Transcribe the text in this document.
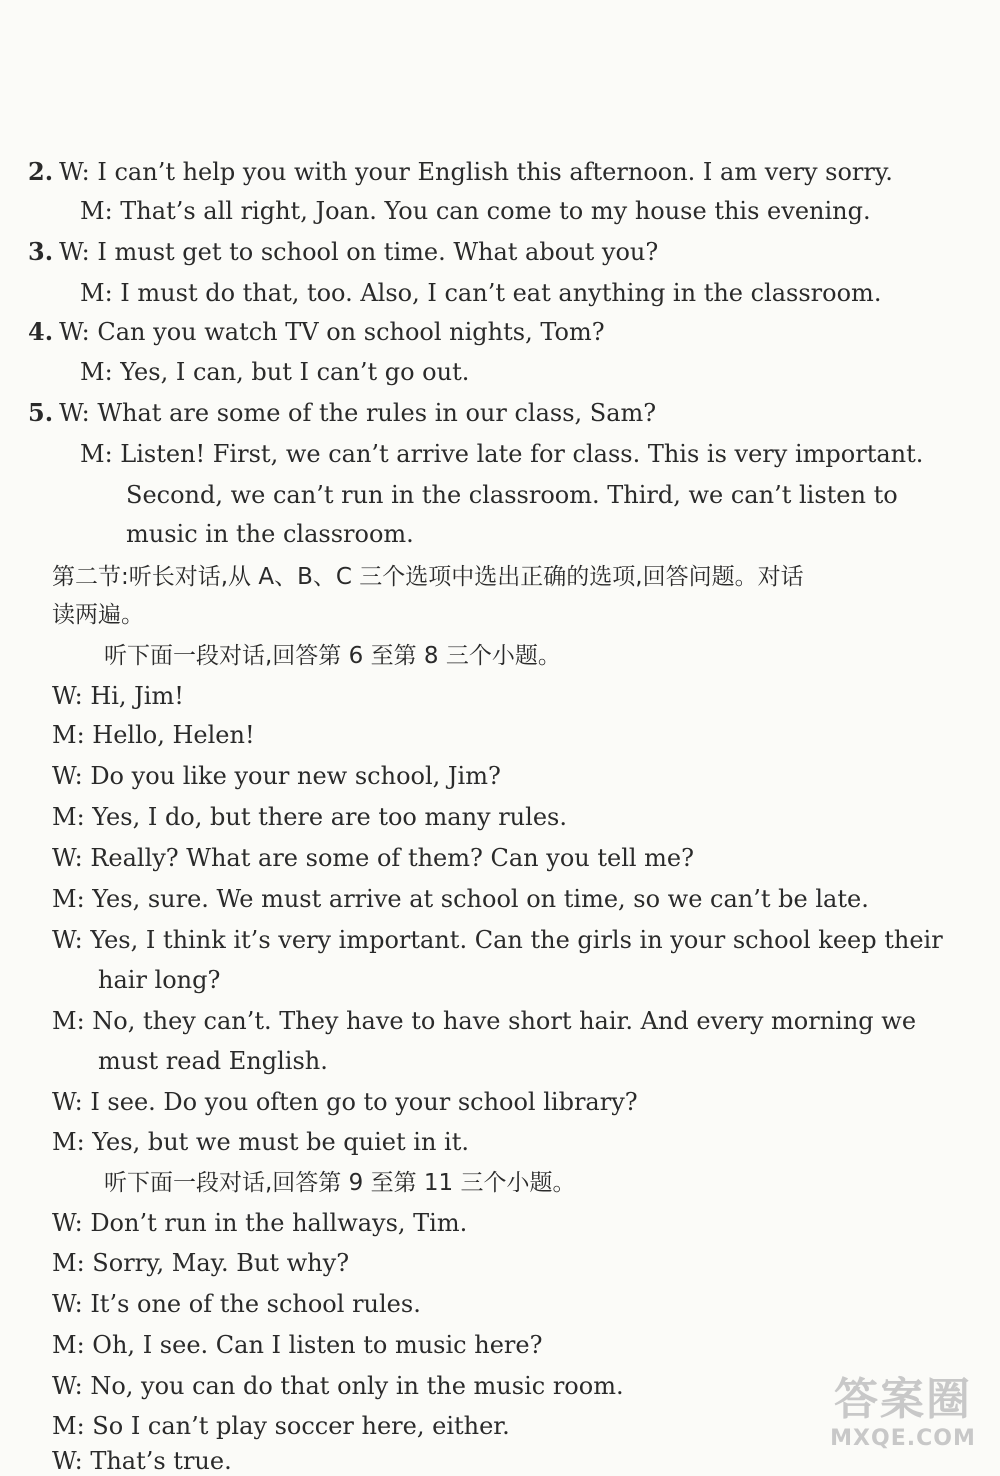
2. W: I can’t help you with your English this afternoon. I am very sorry.
M: That’s all right, Joan. You can come to my house this evening.
3. W: I must get to school on time. What about you?
M: I must do that, too. Also, I can’t eat anything in the classroom.
4. W: Can you watch TV on school nights, Tom?
M: Yes, I can, but I can’t go out.
5. W: What are some of the rules in our class, Sam?
M: Listen! First, we can’t arrive late for class. This is very important.
Second, we can’t run in the classroom. Third, we can’t listen to
music in the classroom.
第二节:听长对话,从 A、B、C 三个选项中选出正确的选项,回答问题。对话
读两遍。
听下面一段对话,回答第 6 至第 8 三个小题。
W: Hi, Jim!
M: Hello, Helen!
W: Do you like your new school, Jim?
M: Yes, I do, but there are too many rules.
W: Really? What are some of them? Can you tell me?
M: Yes, sure. We must arrive at school on time, so we can’t be late.
W: Yes, I think it’s very important. Can the girls in your school keep their
hair long?
M: No, they can’t. They have to have short hair. And every morning we
must read English.
W: I see. Do you often go to your school library?
M: Yes, but we must be quiet in it.
听下面一段对话,回答第 9 至第 11 三个小题。
W: Don’t run in the hallways, Tim.
M: Sorry, May. But why?
W: It’s one of the school rules.
M: Oh, I see. Can I listen to music here?
W: No, you can do that only in the music room.
M: So I can’t play soccer here, either.
W: That’s true.
答案圈
MXQE.COM
